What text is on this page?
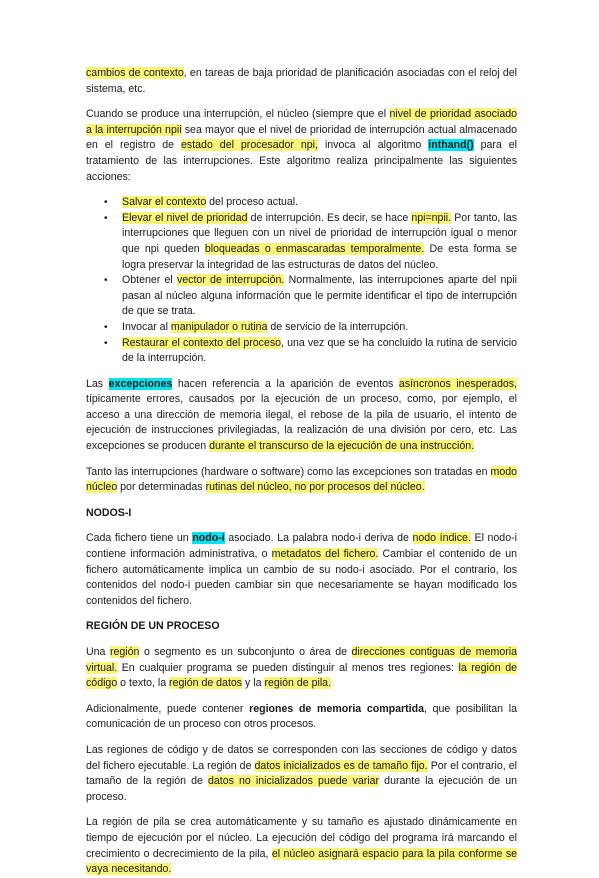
cambios de contexto, en tareas de baja prioridad de planificación asociadas con el reloj del sistema, etc.

Cuando se produce una interrupción, el núcleo (siempre que el nivel de prioridad asociado a la interrupción npii sea mayor que el nivel de prioridad de interrupción actual almacenado en el registro de estado del procesador npi, invoca al algoritmo inthand() para el tratamiento de las interrupciones. Este algoritmo realiza principalmente las siguientes acciones:

• Salvar el contexto del proceso actual.
• Elevar el nivel de prioridad de interrupción. Es decir, se hace npi=npii. Por tanto, las interrupciones que lleguen con un nivel de prioridad de interrupción igual o menor que npi queden bloqueadas o enmascaradas temporalmente. De esta forma se logra preservar la integridad de las estructuras de datos del núcleo.
• Obtener el vector de interrupción. Normalmente, las interrupciones aparte del npii pasan al núcleo alguna información que le permite identificar el tipo de interrupción de que se trata.
• Invocar al manipulador o rutina de servicio de la interrupción.
• Restaurar el contexto del proceso, una vez que se ha concluido la rutina de servicio de la interrupción.

Las excepciones hacen referencia a la aparición de eventos asíncronos inesperados, típicamente errores, causados por la ejecución de un proceso, como, por ejemplo, el acceso a una dirección de memoria ilegal, el rebose de la pila de usuario, el intento de ejecución de instrucciones privilegiadas, la realización de una división por cero, etc. Las excepciones se producen durante el transcurso de la ejecución de una instrucción.

Tanto las interrupciones (hardware o software) como las excepciones son tratadas en modo núcleo por determinadas rutinas del núcleo, no por procesos del núcleo.

NODOS-I

Cada fichero tiene un nodo-i asociado. La palabra nodo-i deriva de nodo índice. El nodo-i contiene información administrativa, o metadatos del fichero. Cambiar el contenido de un fichero automáticamente implica un cambio de su nodo-i asociado. Por el contrario, los contenidos del nodo-i pueden cambiar sin que necesariamente se hayan modificado los contenidos del fichero.

REGIÓN DE UN PROCESO

Una región o segmento es un subconjunto o área de direcciones contiguas de memoria virtual. En cualquier programa se pueden distinguir al menos tres regiones: la región de código o texto, la región de datos y la región de pila.

Adicionalmente, puede contener regiones de memoria compartida, que posibilitan la comunicación de un proceso con otros procesos.

Las regiones de código y de datos se corresponden con las secciones de código y datos del fichero ejecutable. La región de datos inicializados es de tamaño fijo. Por el contrario, el tamaño de la región de datos no inicializados puede variar durante la ejecución de un proceso.

La región de pila se crea automáticamente y su tamaño es ajustado dinámicamente en tiempo de ejecución por el núcleo. La ejecución del código del programa irá marcando el crecimiento o decrecimiento de la pila, el núcleo asignará espacio para la pila conforme se vaya necesitando.
